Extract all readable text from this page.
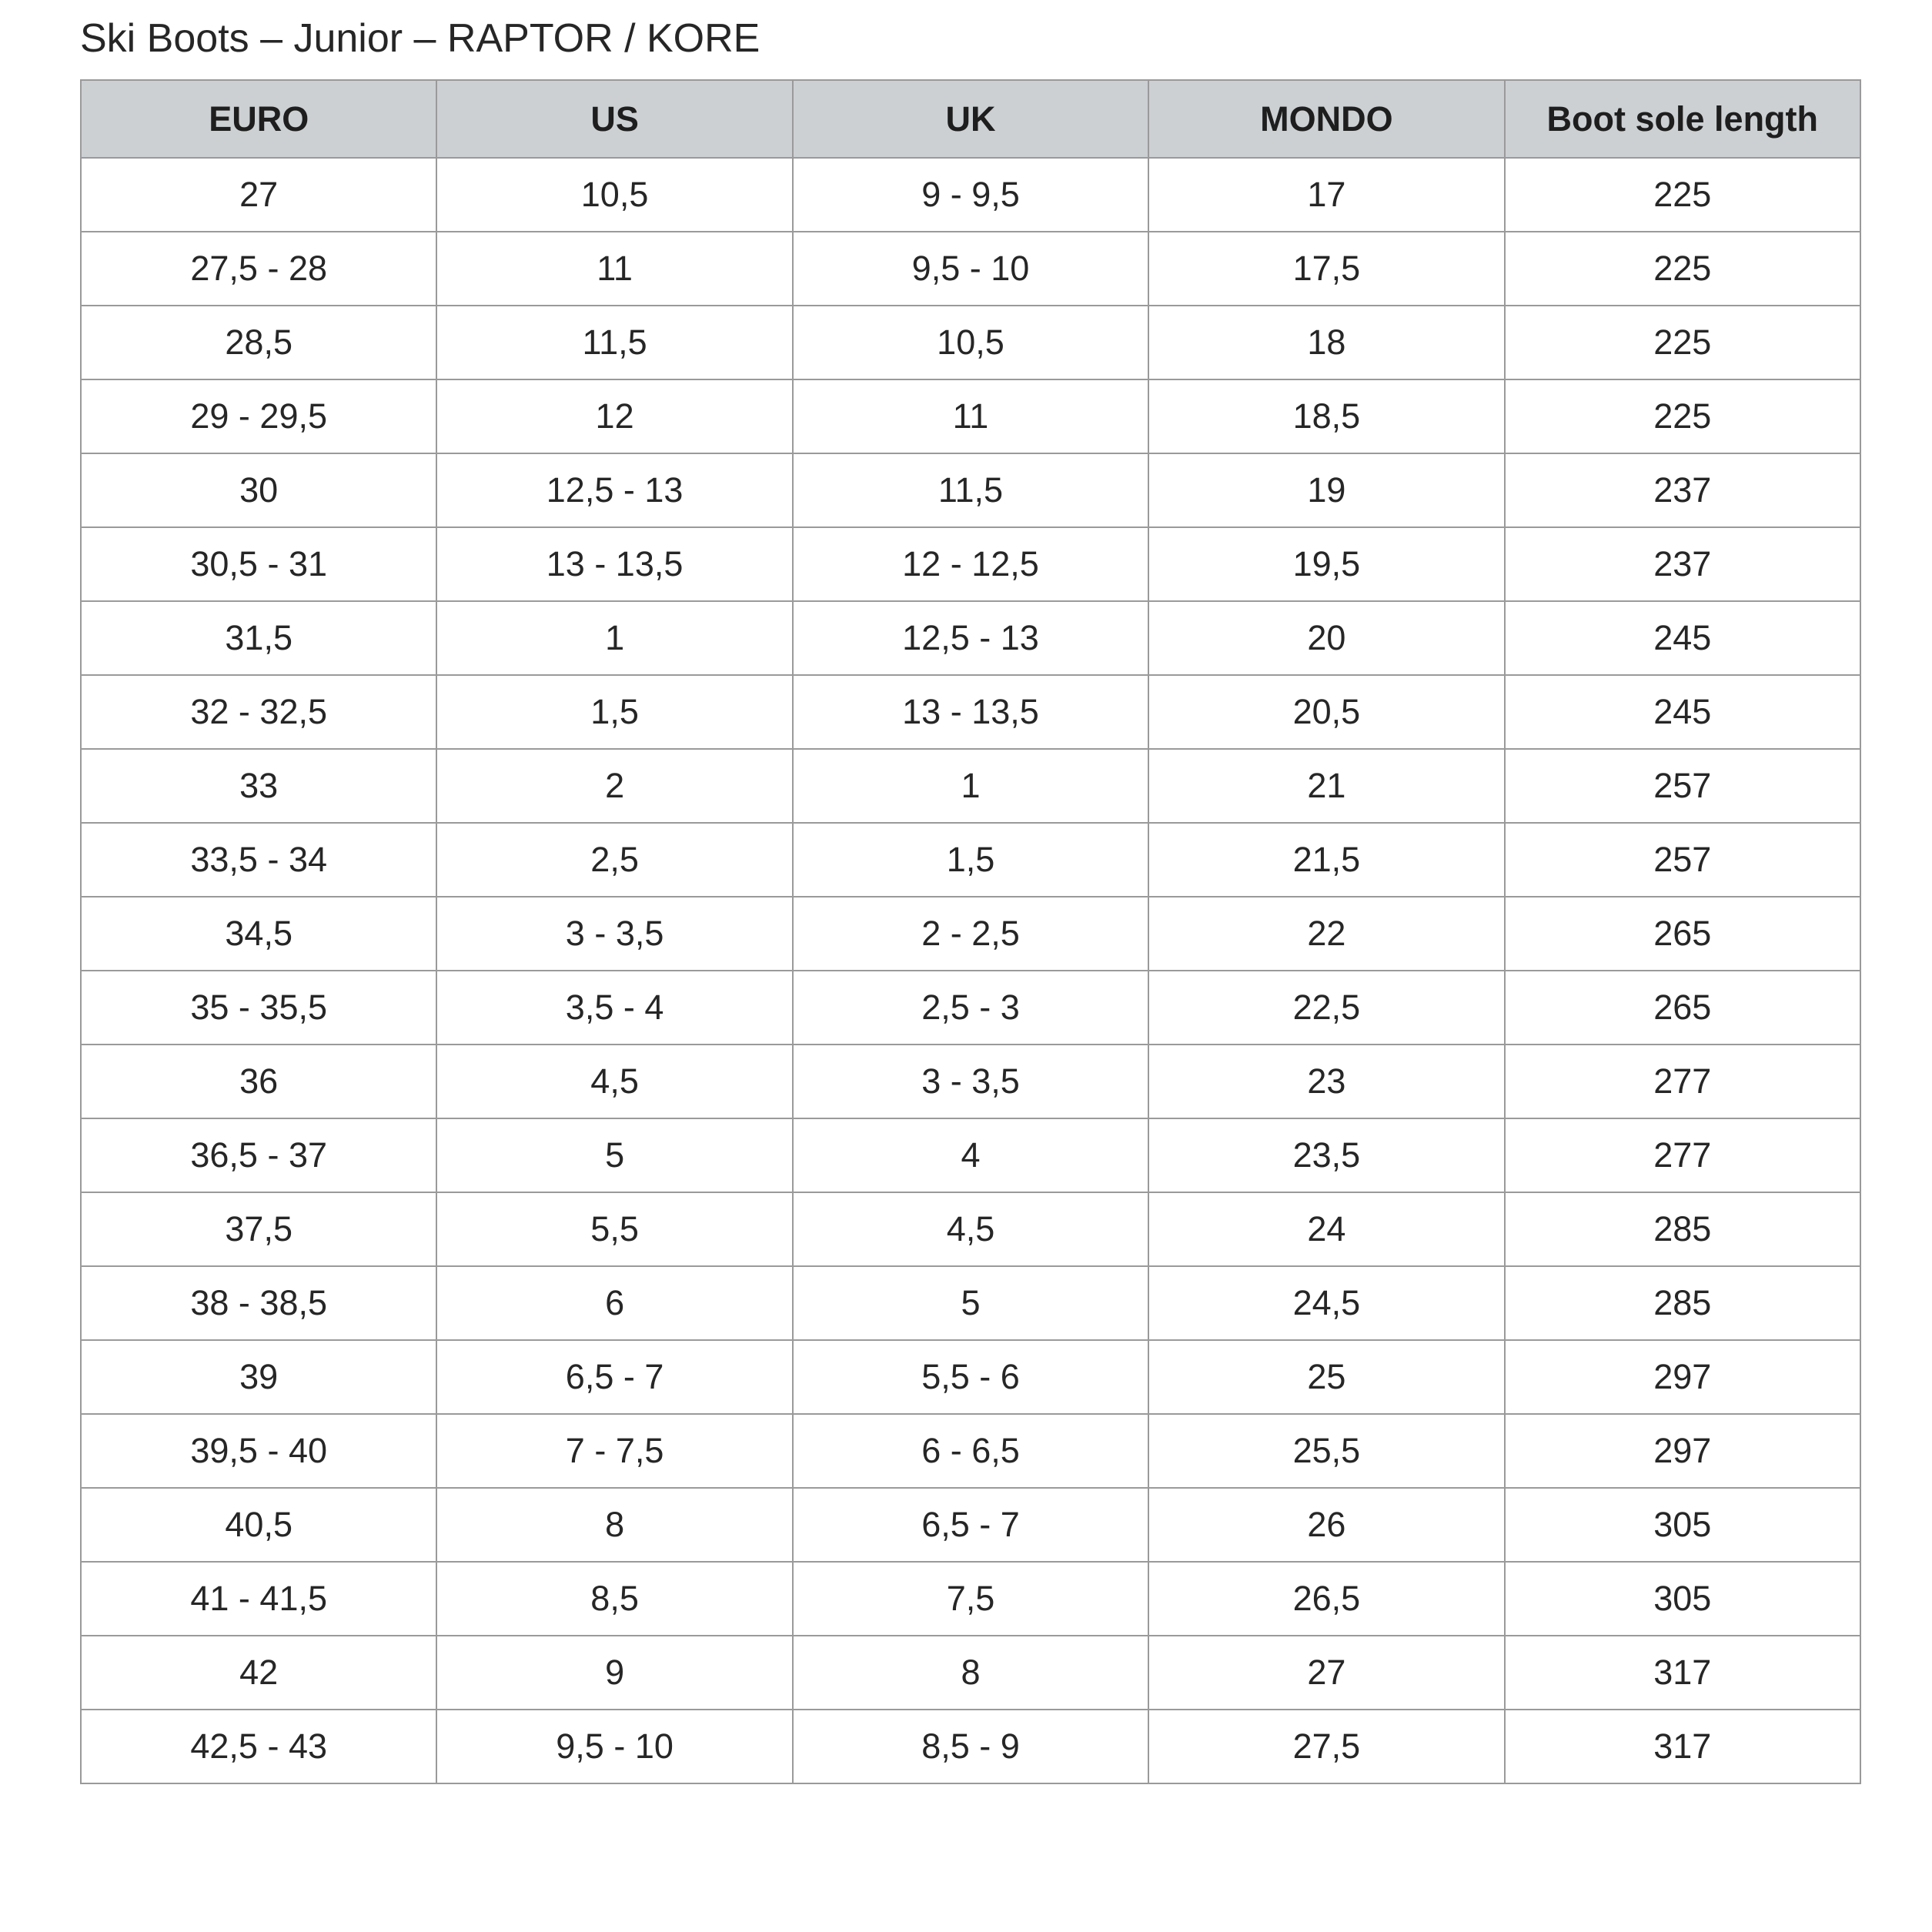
Ski Boots – Junior – RAPTOR / KORE
EURO	US	UK	MONDO	Boot sole length
27	10,5	9 - 9,5	17	225
27,5 - 28	11	9,5 - 10	17,5	225
28,5	11,5	10,5	18	225
29 - 29,5	12	11	18,5	225
30	12,5 - 13	11,5	19	237
30,5 - 31	13 - 13,5	12 - 12,5	19,5	237
31,5	1	12,5 - 13	20	245
32 - 32,5	1,5	13 - 13,5	20,5	245
33	2	1	21	257
33,5 - 34	2,5	1,5	21,5	257
34,5	3 - 3,5	2 - 2,5	22	265
35 - 35,5	3,5 - 4	2,5 - 3	22,5	265
36	4,5	3 - 3,5	23	277
36,5 - 37	5	4	23,5	277
37,5	5,5	4,5	24	285
38 - 38,5	6	5	24,5	285
39	6,5 - 7	5,5 - 6	25	297
39,5 - 40	7 - 7,5	6 - 6,5	25,5	297
40,5	8	6,5 - 7	26	305
41 - 41,5	8,5	7,5	26,5	305
42	9	8	27	317
42,5 - 43	9,5 - 10	8,5 - 9	27,5	317
